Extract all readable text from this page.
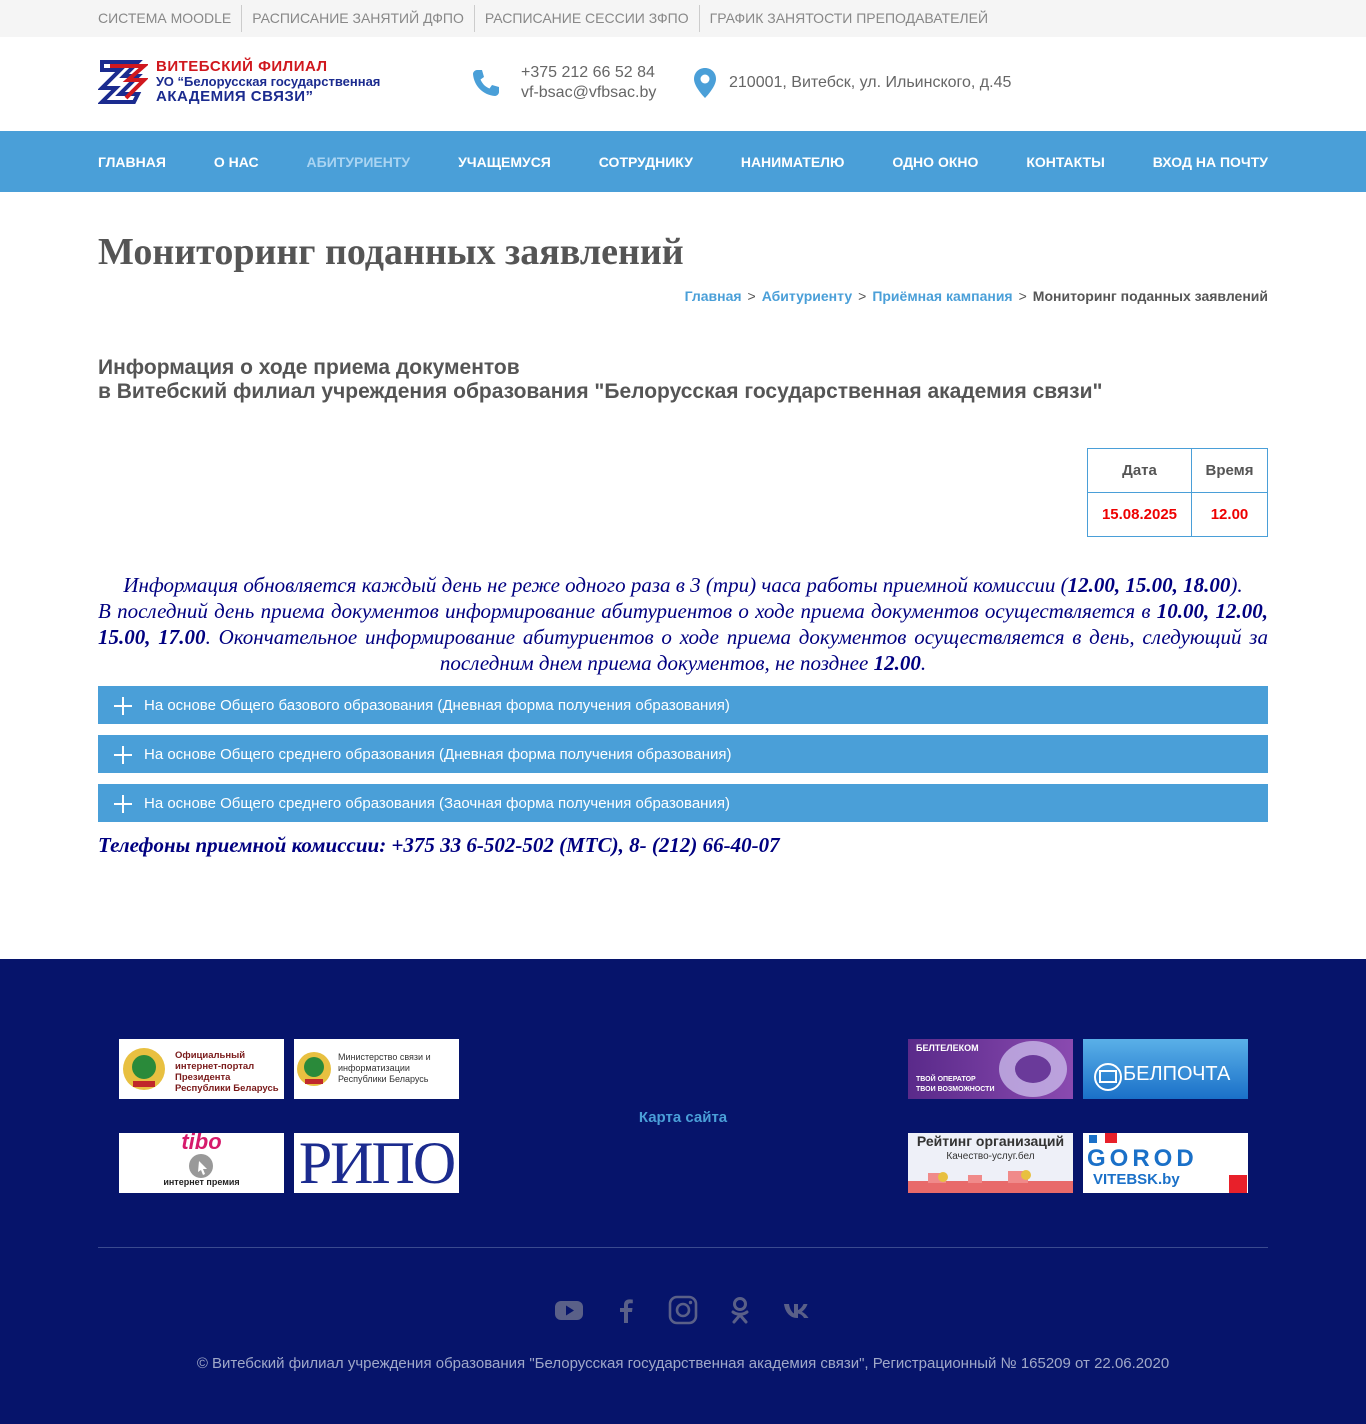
СИСТЕМА MOODLE	РАСПИСАНИЕ ЗАНЯТИЙ ДФПО	РАСПИСАНИЕ СЕССИИ ЗФПО	ГРАФИК ЗАНЯТОСТИ ПРЕПОДАВАТЕЛЕЙ
ВИТЕБСКИЙ ФИЛИАЛ
УО “Белорусская государственная
АКАДЕМИЯ СВЯЗИ”
+375 212 66 52 84
vf-bsac@vfbsac.by
210001, Витебск, ул. Ильинского, д.45
ГЛАВНАЯ	О НАС	АБИТУРИЕНТУ	УЧАЩЕМУСЯ	СОТРУДНИКУ	НАНИМАТЕЛЮ	ОДНО ОКНО	КОНТАКТЫ	ВХОД НА ПОЧТУ
Мониторинг поданных заявлений
Главная > Абитуриенту > Приёмная кампания > Мониторинг поданных заявлений
Информация о ходе приема документов
в Витебский филиал учреждения образования "Белорусская государственная академия связи"
Дата	Время
15.08.2025	12.00
Информация обновляется каждый день не реже одного раза в 3 (три) часа работы приемной комиссии (12.00, 15.00, 18.00).
В последний день приема документов информирование абитуриентов о ходе приема документов осуществляется в 10.00, 12.00, 15.00, 17.00. Окончательное информирование абитуриентов о ходе приема документов осуществляется в день, следующий за последним днем приема документов, не позднее 12.00.
На основе Общего базового образования (Дневная форма получения образования)
На основе Общего среднего образования (Дневная форма получения образования)
На основе Общего среднего образования (Заочная форма получения образования)
Телефоны приемной комиссии: +375 33 6-502-502 (МТС), 8- (212) 66-40-07
Официальный интернет-портал Президента Республики Беларусь
Министерство связи и информатизации Республики Беларусь
tibo
интернет премия РИПО
БЕЛТЕЛЕКОМ
ТВОЙ ОПЕРАТОР ТВОИ ВОЗМОЖНОСТИ
БЕЛПОЧТА
Рейтинг организаций
Качество-услуг.бел	GOROD
VITEBSK.by
Карта сайта
© Витебский филиал учреждения образования "Белорусская государственная академия связи", Регистрационный № 165209 от 22.06.2020
